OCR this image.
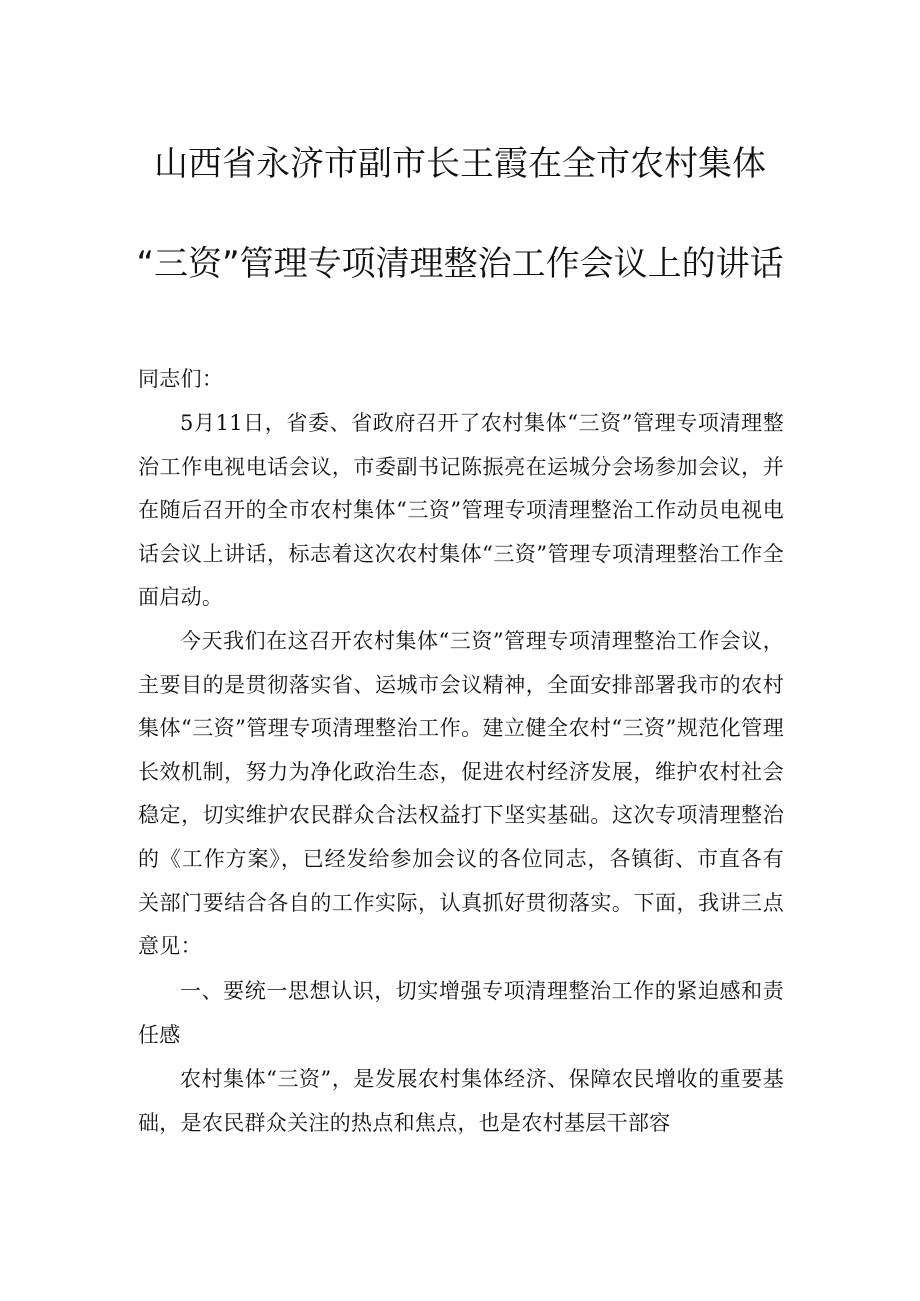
山西省永济市副市长王霞在全市农村集体
“三资”管理专项清理整治工作会议上的讲话
同志们：
5月11日，省委、省政府召开了农村集体“三资”管理专项清理整治工作电视电话会议，市委副书记陈振亮在运城分会场参加会议，并在随后召开的全市农村集体“三资”管理专项清理整治工作动员电视电话会议上讲话，标志着这次农村集体“三资”管理专项清理整治工作全面启动。
今天我们在这召开农村集体“三资”管理专项清理整治工作会议，主要目的是贯彻落实省、运城市会议精神，全面安排部署我市的农村集体“三资”管理专项清理整治工作。建立健全农村“三资”规范化管理长效机制，努力为净化政治生态，促进农村经济发展，维护农村社会稳定，切实维护农民群众合法权益打下坚实基础。这次专项清理整治的《工作方案》，已经发给参加会议的各位同志，各镇街、市直各有关部门要结合各自的工作实际，认真抓好贯彻落实。下面，我讲三点意见：
一、要统一思想认识，切实增强专项清理整治工作的紧迫感和责任感
农村集体“三资”，是发展农村集体经济、保障农民增收的重要基础，是农民群众关注的热点和焦点，也是农村基层干部容
